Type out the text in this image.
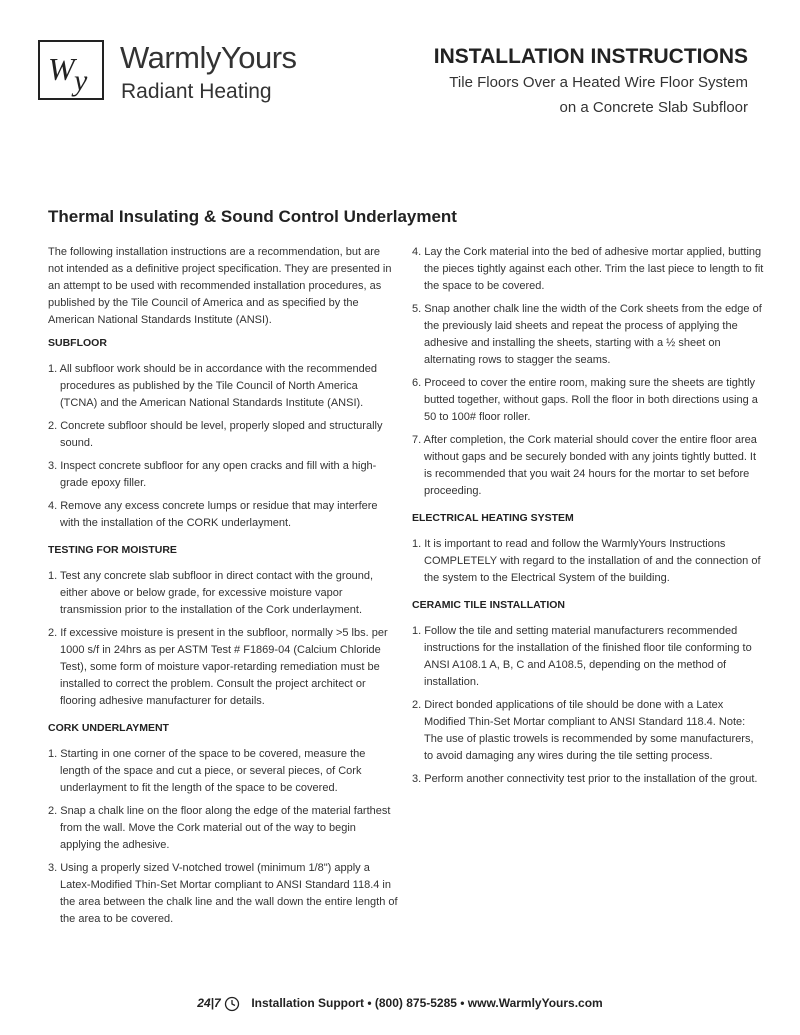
W y
WarmlyYours
Radiant Heating
INSTALLATION INSTRUCTIONS
Tile Floors Over a Heated Wire Floor System
on a Concrete Slab Subfloor
Thermal Insulating & Sound Control Underlayment

The following installation instructions are a recommendation, but are not intended as a definitive project specification. They are presented in an attempt to be used with recommended installation procedures, as published by the Tile Council of America and as specified by the American National Standards Institute (ANSI).

SUBFLOOR
1. All subfloor work should be in accordance with the recommended procedures as published by the Tile Council of North America (TCNA) and the American National Standards Institute (ANSI).
2. Concrete subfloor should be level, properly sloped and structurally sound.
3. Inspect concrete subfloor for any open cracks and fill with a high-grade epoxy filler.
4. Remove any excess concrete lumps or residue that may interfere with the installation of the CORK underlayment.
TESTING FOR MOISTURE
1. Test any concrete slab subfloor in direct contact with the ground, either above or below grade, for excessive moisture vapor transmission prior to the installation of the Cork underlayment.
2. If excessive moisture is present in the subfloor, normally >5 lbs. per 1000 s/f in 24hrs as per ASTM Test # F1869-04 (Calcium Chloride Test), some form of moisture vapor-retarding remediation must be installed to correct the problem. Consult the project architect or flooring adhesive manufacturer for details.
CORK UNDERLAYMENT
1. Starting in one corner of the space to be covered, measure the length of the space and cut a piece, or several pieces, of Cork underlayment to fit the length of the space to be covered.
2. Snap a chalk line on the floor along the edge of the material farthest from the wall. Move the Cork material out of the way to begin applying the adhesive.
3. Using a properly sized V-notched trowel (minimum 1/8") apply a Latex-Modified Thin-Set Mortar compliant to ANSI Standard 118.4 in the area between the chalk line and the wall down the entire length of the area to be covered.
4. Lay the Cork material into the bed of adhesive mortar applied, butting the pieces tightly against each other. Trim the last piece to length to fit the space to be covered.
5. Snap another chalk line the width of the Cork sheets from the edge of the previously laid sheets and repeat the process of applying the adhesive and installing the sheets, starting with a ½ sheet on alternating rows to stagger the seams.
6. Proceed to cover the entire room, making sure the sheets are tightly butted together, without gaps. Roll the floor in both directions using a 50 to 100# floor roller.
7. After completion, the Cork material should cover the entire floor area without gaps and be securely bonded with any joints tightly butted. It is recommended that you wait 24 hours for the mortar to set before proceeding.
ELECTRICAL HEATING SYSTEM
1. It is important to read and follow the WarmlyYours Instructions COMPLETELY with regard to the installation of and the connection of the system to the Electrical System of the building.
CERAMIC TILE INSTALLATION
1. Follow the tile and setting material manufacturers recommended instructions for the installation of the finished floor tile conforming to ANSI A108.1 A, B, C and A108.5, depending on the method of installation.
2. Direct bonded applications of tile should be done with a Latex Modified Thin-Set Mortar compliant to ANSI Standard 118.4. Note: The use of plastic trowels is recommended by some manufacturers, to avoid damaging any wires during the tile setting process.
3. Perform another connectivity test prior to the installation of the grout.
24|7	Installation Support • (800) 875-5285 • www.WarmlyYours.com
